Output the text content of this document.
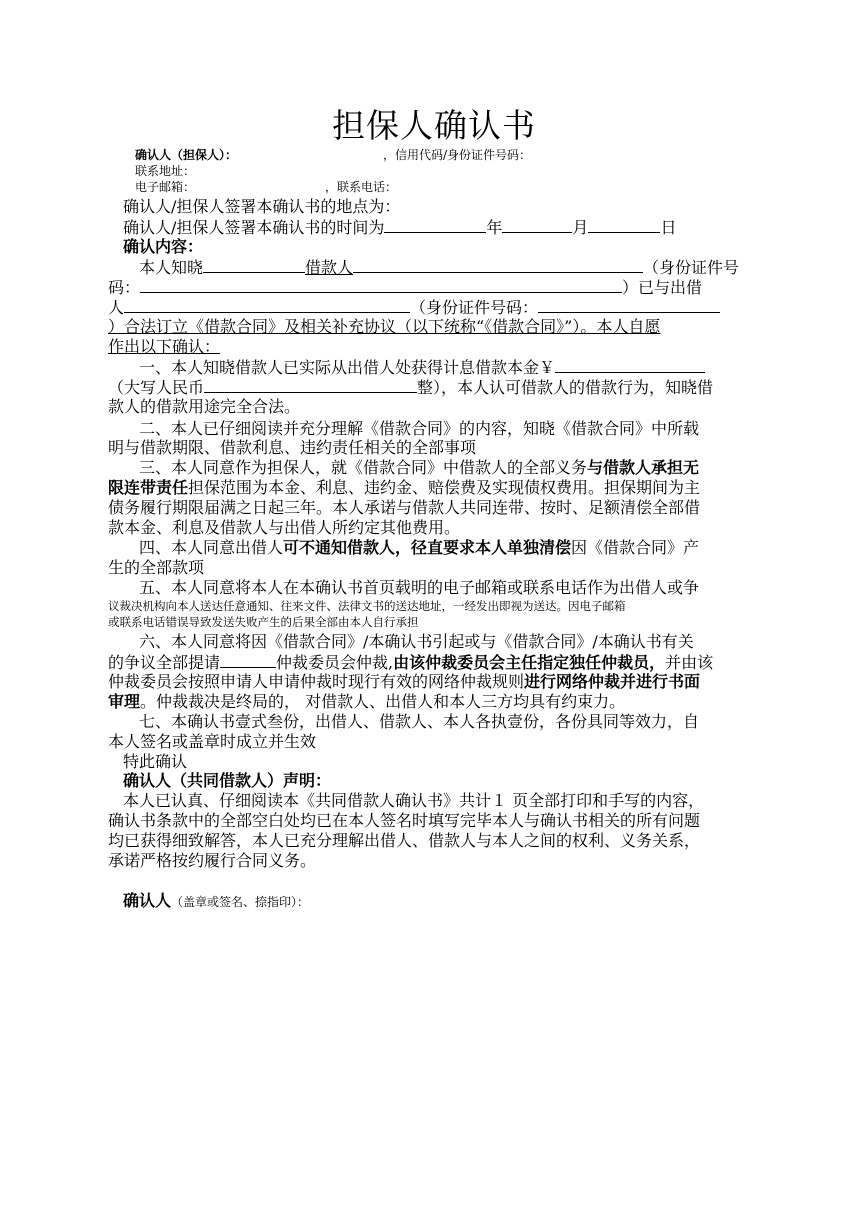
担保人确认书
确认人（担保人）：	，信用代码/身份证件号码：
联系地址：
电子邮箱：	，联系电话：
确认人/担保人签署本确认书的地点为：
确认人/担保人签署本确认书的时间为	年	月	日
确认内容：
本人知晓	借款人	（身份证件号
码：	）已与出借
人	（身份证件号码：
）合法订立《借款合同》及相关补充协议（以下统称“《借款合同》”）。本人自愿
作出以下确认：
一、本人知晓借款人已实际从出借人处获得计息借款本金￥
（大写人民币	整），本人认可借款人的借款行为，知晓借
款人的借款用途完全合法。
二、本人已仔细阅读并充分理解《借款合同》的内容，知晓《借款合同》中所载
明与借款期限、借款利息、违约责任相关的全部事项
三、本人同意作为担保人，就《借款合同》中借款人的全部义务与借款人承担无
限连带责任担保范围为本金、利息、违约金、赔偿费及实现债权费用。担保期间为主
债务履行期限届满之日起三年。本人承诺与借款人共同连带、按时、足额清偿全部借
款本金、利息及借款人与出借人所约定其他费用。
四、本人同意出借人可不通知借款人，径直要求本人单独清偿因《借款合同》产
生的全部款项
五、本人同意将本人在本确认书首页载明的电子邮箱或联系电话作为出借人或争
议裁决机构向本人送达任意通知、往来文件、法律文书的送达地址，一经发出即视为送达。因电子邮箱
或联系电话错误导致发送失败产生的后果全部由本人自行承担
六、本人同意将因《借款合同》/本确认书引起或与《借款合同》/本确认书有关
的争议全部提请	仲裁委员会仲裁,由该仲裁委员会主任指定独任仲裁员，并由该
仲裁委员会按照申请人申请仲裁时现行有效的网络仲裁规则进行网络仲裁并进行书面
审理。仲裁裁决是终局的， 对借款人、出借人和本人三方均具有约束力。
七、本确认书壹式叁份，出借人、借款人、本人各执壹份，各份具同等效力，自
本人签名或盖章时成立并生效
特此确认
确认人（共同借款人）声明：
本人已认真、仔细阅读本《共同借款人确认书》共计１ 页全部打印和手写的内容，
确认书条款中的全部空白处均已在本人签名时填写完毕本人与确认书相关的所有问题
均已获得细致解答，本人已充分理解出借人、借款人与本人之间的权利、义务关系，
承诺严格按约履行合同义务。
确认人（盖章或签名、捺指印）：
